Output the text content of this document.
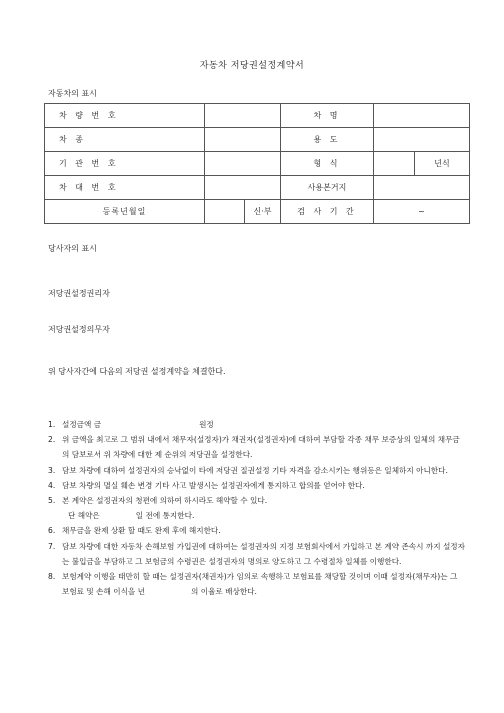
자동차 저당권설정계약서
자동차의 표시
차 량 번 호			차 명	
차 종			용 도	
기 관 번 호			형 식	년식

차 대 번 호			사용본거지	
등록년월일		신·부	검 사 기 간	~
당사자의 표시
저당권설정권리자
저당권설정의무자
위 당사자간에 다음의 저당권 설정계약을 체결한다.
1. 설정금액 금	원정
2. 위 금액을 최고로 그 범위 내에서 채무자(설정자)가 채권자(설정권자)에 대하여 부담할 각종 채무 보증상의 일체의 채무금의 담보로서 위 차량에 대한 제 순위의 저당권을 설정한다.
3. 담보 차량에 대하여 설정권자의 승낙없이 타에 저당권 질권설정 기타 자격을 감소시키는 행위등은 일체하지 아니한다.
4. 담보 차량의 멸실 훼손 변경 기타 사고 발생시는 설정권자에게 통지하고 합의를 얻어야 한다.
5. 본 계약은 설정권자의 청편에 의하여 하시라도 해약할 수 있다.
단 해약은	일 전에 통지한다.
6. 채무금을 완제 상환 할 때도 완제 후에 해지한다.
7. 담보 차량에 대한 자동차 손해보험 가입권에 대하여는 설정권자의 지정 보험회사에서 가입하고 본 계약 존속시 까지 설정자는 불입금을 부담하고 그 보험금의 수령권은 설정권자의 명의로 양도하고 그 수령절차 일체를 이행한다.
8. 보험계약 이행을 태만히 할 때는 설정권자(채권자)가 임의로 속행하고 보험료를 채당할 것이며 이때 설정자(채무자)는 그 보험료 및 손해 이식을 년	의 이율로 배상한다.
